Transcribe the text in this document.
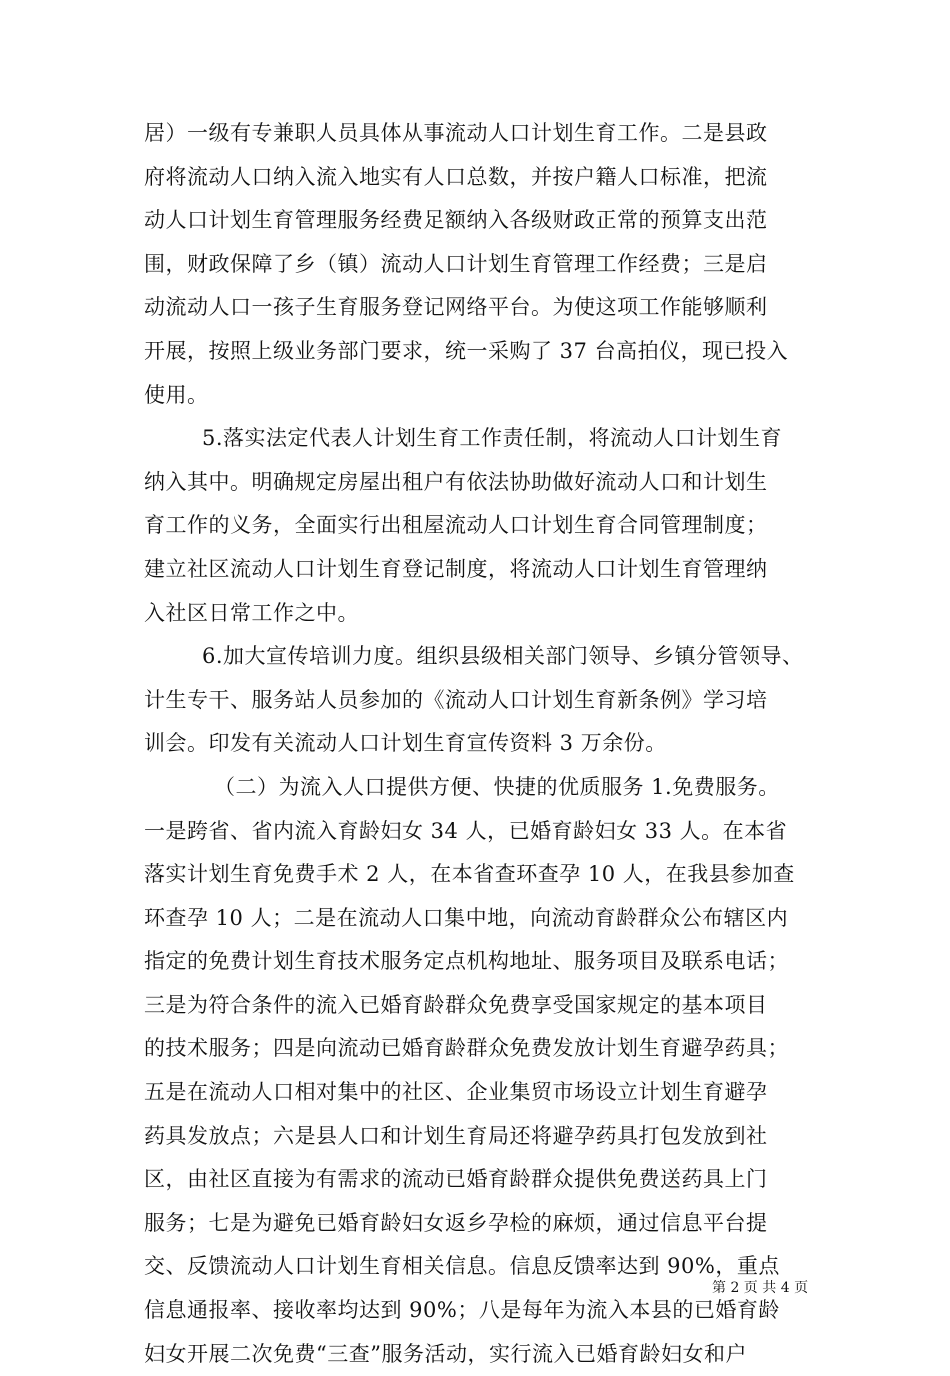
居）一级有专兼职人员具体从事流动人口计划生育工作。二是县政
府将流动人口纳入流入地实有人口总数，并按户籍人口标准，把流
动人口计划生育管理服务经费足额纳入各级财政正常的预算支出范
围，财政保障了乡（镇）流动人口计划生育管理工作经费；三是启
动流动人口一孩子生育服务登记网络平台。为使这项工作能够顺利
开展，按照上级业务部门要求，统一采购了 37 台高拍仪，现已投入
使用。
5.落实法定代表人计划生育工作责任制，将流动人口计划生育
纳入其中。明确规定房屋出租户有依法协助做好流动人口和计划生
育工作的义务，全面实行出租屋流动人口计划生育合同管理制度；
建立社区流动人口计划生育登记制度，将流动人口计划生育管理纳
入社区日常工作之中。
6.加大宣传培训力度。组织县级相关部门领导、乡镇分管领导、
计生专干、服务站人员参加的《流动人口计划生育新条例》学习培
训会。印发有关流动人口计划生育宣传资料 3 万余份。
（二）为流入人口提供方便、快捷的优质服务 1.免费服务。
一是跨省、省内流入育龄妇女 34 人，已婚育龄妇女 33 人。在本省
落实计划生育免费手术 2 人，在本省查环查孕 10 人，在我县参加查
环查孕 10 人；二是在流动人口集中地，向流动育龄群众公布辖区内
指定的免费计划生育技术服务定点机构地址、服务项目及联系电话；
三是为符合条件的流入已婚育龄群众免费享受国家规定的基本项目
的技术服务；四是向流动已婚育龄群众免费发放计划生育避孕药具；
五是在流动人口相对集中的社区、企业集贸市场设立计划生育避孕
药具发放点；六是县人口和计划生育局还将避孕药具打包发放到社
区，由社区直接为有需求的流动已婚育龄群众提供免费送药具上门
服务；七是为避免已婚育龄妇女返乡孕检的麻烦，通过信息平台提
交、反馈流动人口计划生育相关信息。信息反馈率达到 90%，重点
信息通报率、接收率均达到 90%；八是每年为流入本县的已婚育龄
妇女开展二次免费“三查”服务活动，实行流入已婚育龄妇女和户
第 2 页 共 4 页
